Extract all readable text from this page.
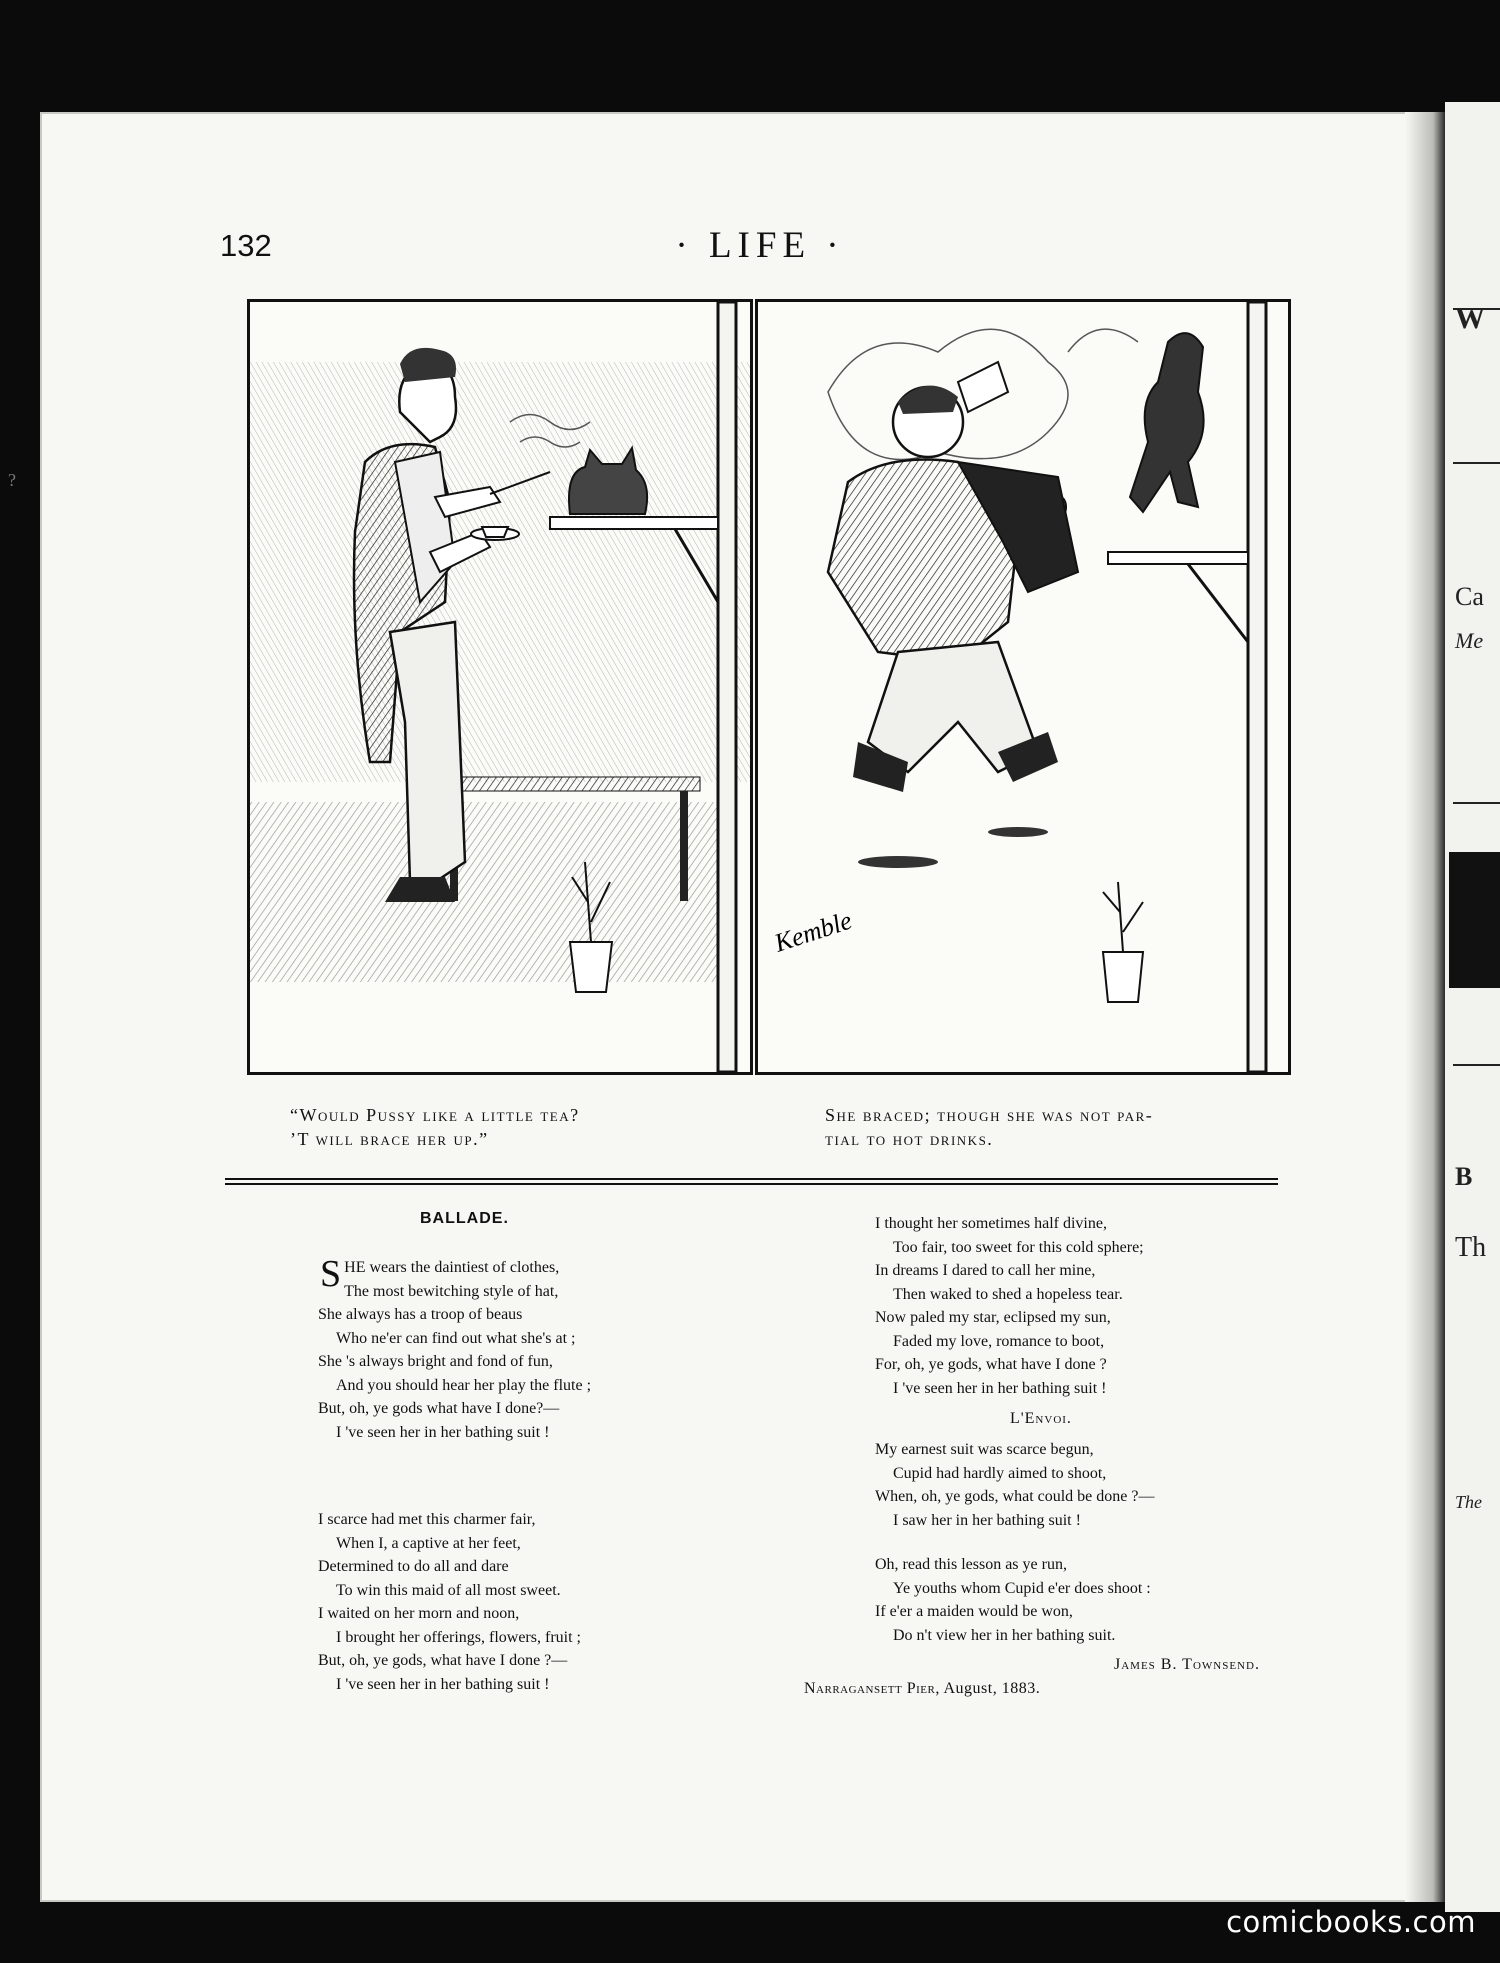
?
W
Ca
Me
B
Th
The
132	· LIFE ·
Kemble
“Would Pussy like a little tea?
’T will brace her up.”
She braced; though she was not par-
tial to hot drinks.
BALLADE.
S HE wears the daintiest of clothes,
The most bewitching style of hat,
She always has a troop of beaus
Who ne'er can find out what she's at ;
She 's always bright and fond of fun,
And you should hear her play the flute ;
But, oh, ye gods what have I done?—
I 've seen her in her bathing suit !
I scarce had met this charmer fair,
When I, a captive at her feet,
Determined to do all and dare
To win this maid of all most sweet.
I waited on her morn and noon,
I brought her offerings, flowers, fruit ;
But, oh, ye gods, what have I done ?—
I 've seen her in her bathing suit !
I thought her sometimes half divine,
Too fair, too sweet for this cold sphere;
In dreams I dared to call her mine,
Then waked to shed a hopeless tear.
Now paled my star, eclipsed my sun,
Faded my love, romance to boot,
For, oh, ye gods, what have I done ?
I 've seen her in her bathing suit !
L'Envoi.
My earnest suit was scarce begun,
Cupid had hardly aimed to shoot,
When, oh, ye gods, what could be done ?—
I saw her in her bathing suit !
Oh, read this lesson as ye run,
Ye youths whom Cupid e'er does shoot :
If e'er a maiden would be won,
Do n't view her in her bathing suit.
James B. Townsend.
Narragansett Pier, August, 1883.
comicbooks.com
